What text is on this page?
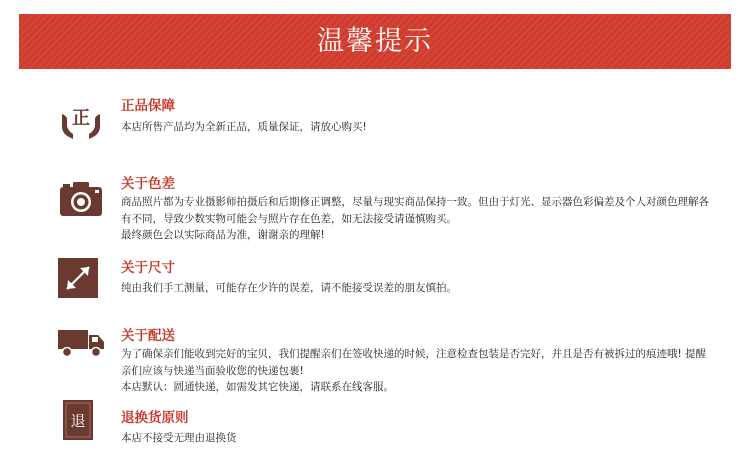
温馨提示
正

正品保障

本店所售产品均为全新正品，质量保证，请放心购买!

关于色差

商品照片都为专业摄影师拍摄后和后期修正调整，尽量与现实商品保持一致。但由于灯光、显示器色彩偏差及个人对颜色理解各有不同，导致少数实物可能会与照片存在色差，如无法接受请谨慎购买。

最终颜色会以实际商品为准，谢谢亲的理解!

关于尺寸

纯由我们手工测量，可能存在少许的误差，请不能接受误差的朋友慎拍。

关于配送

为了确保亲们能收到完好的宝贝，我们提醒亲们在签收快递的时候，注意检查包装是否完好，并且是否有被拆过的痕迹哦! 提醒亲们应该与快递当面验收您的快递包裹!

本店默认：圆通快递，如需发其它快递，请联系在线客服。

退	退换货原则

本店不接受无理由退换货
